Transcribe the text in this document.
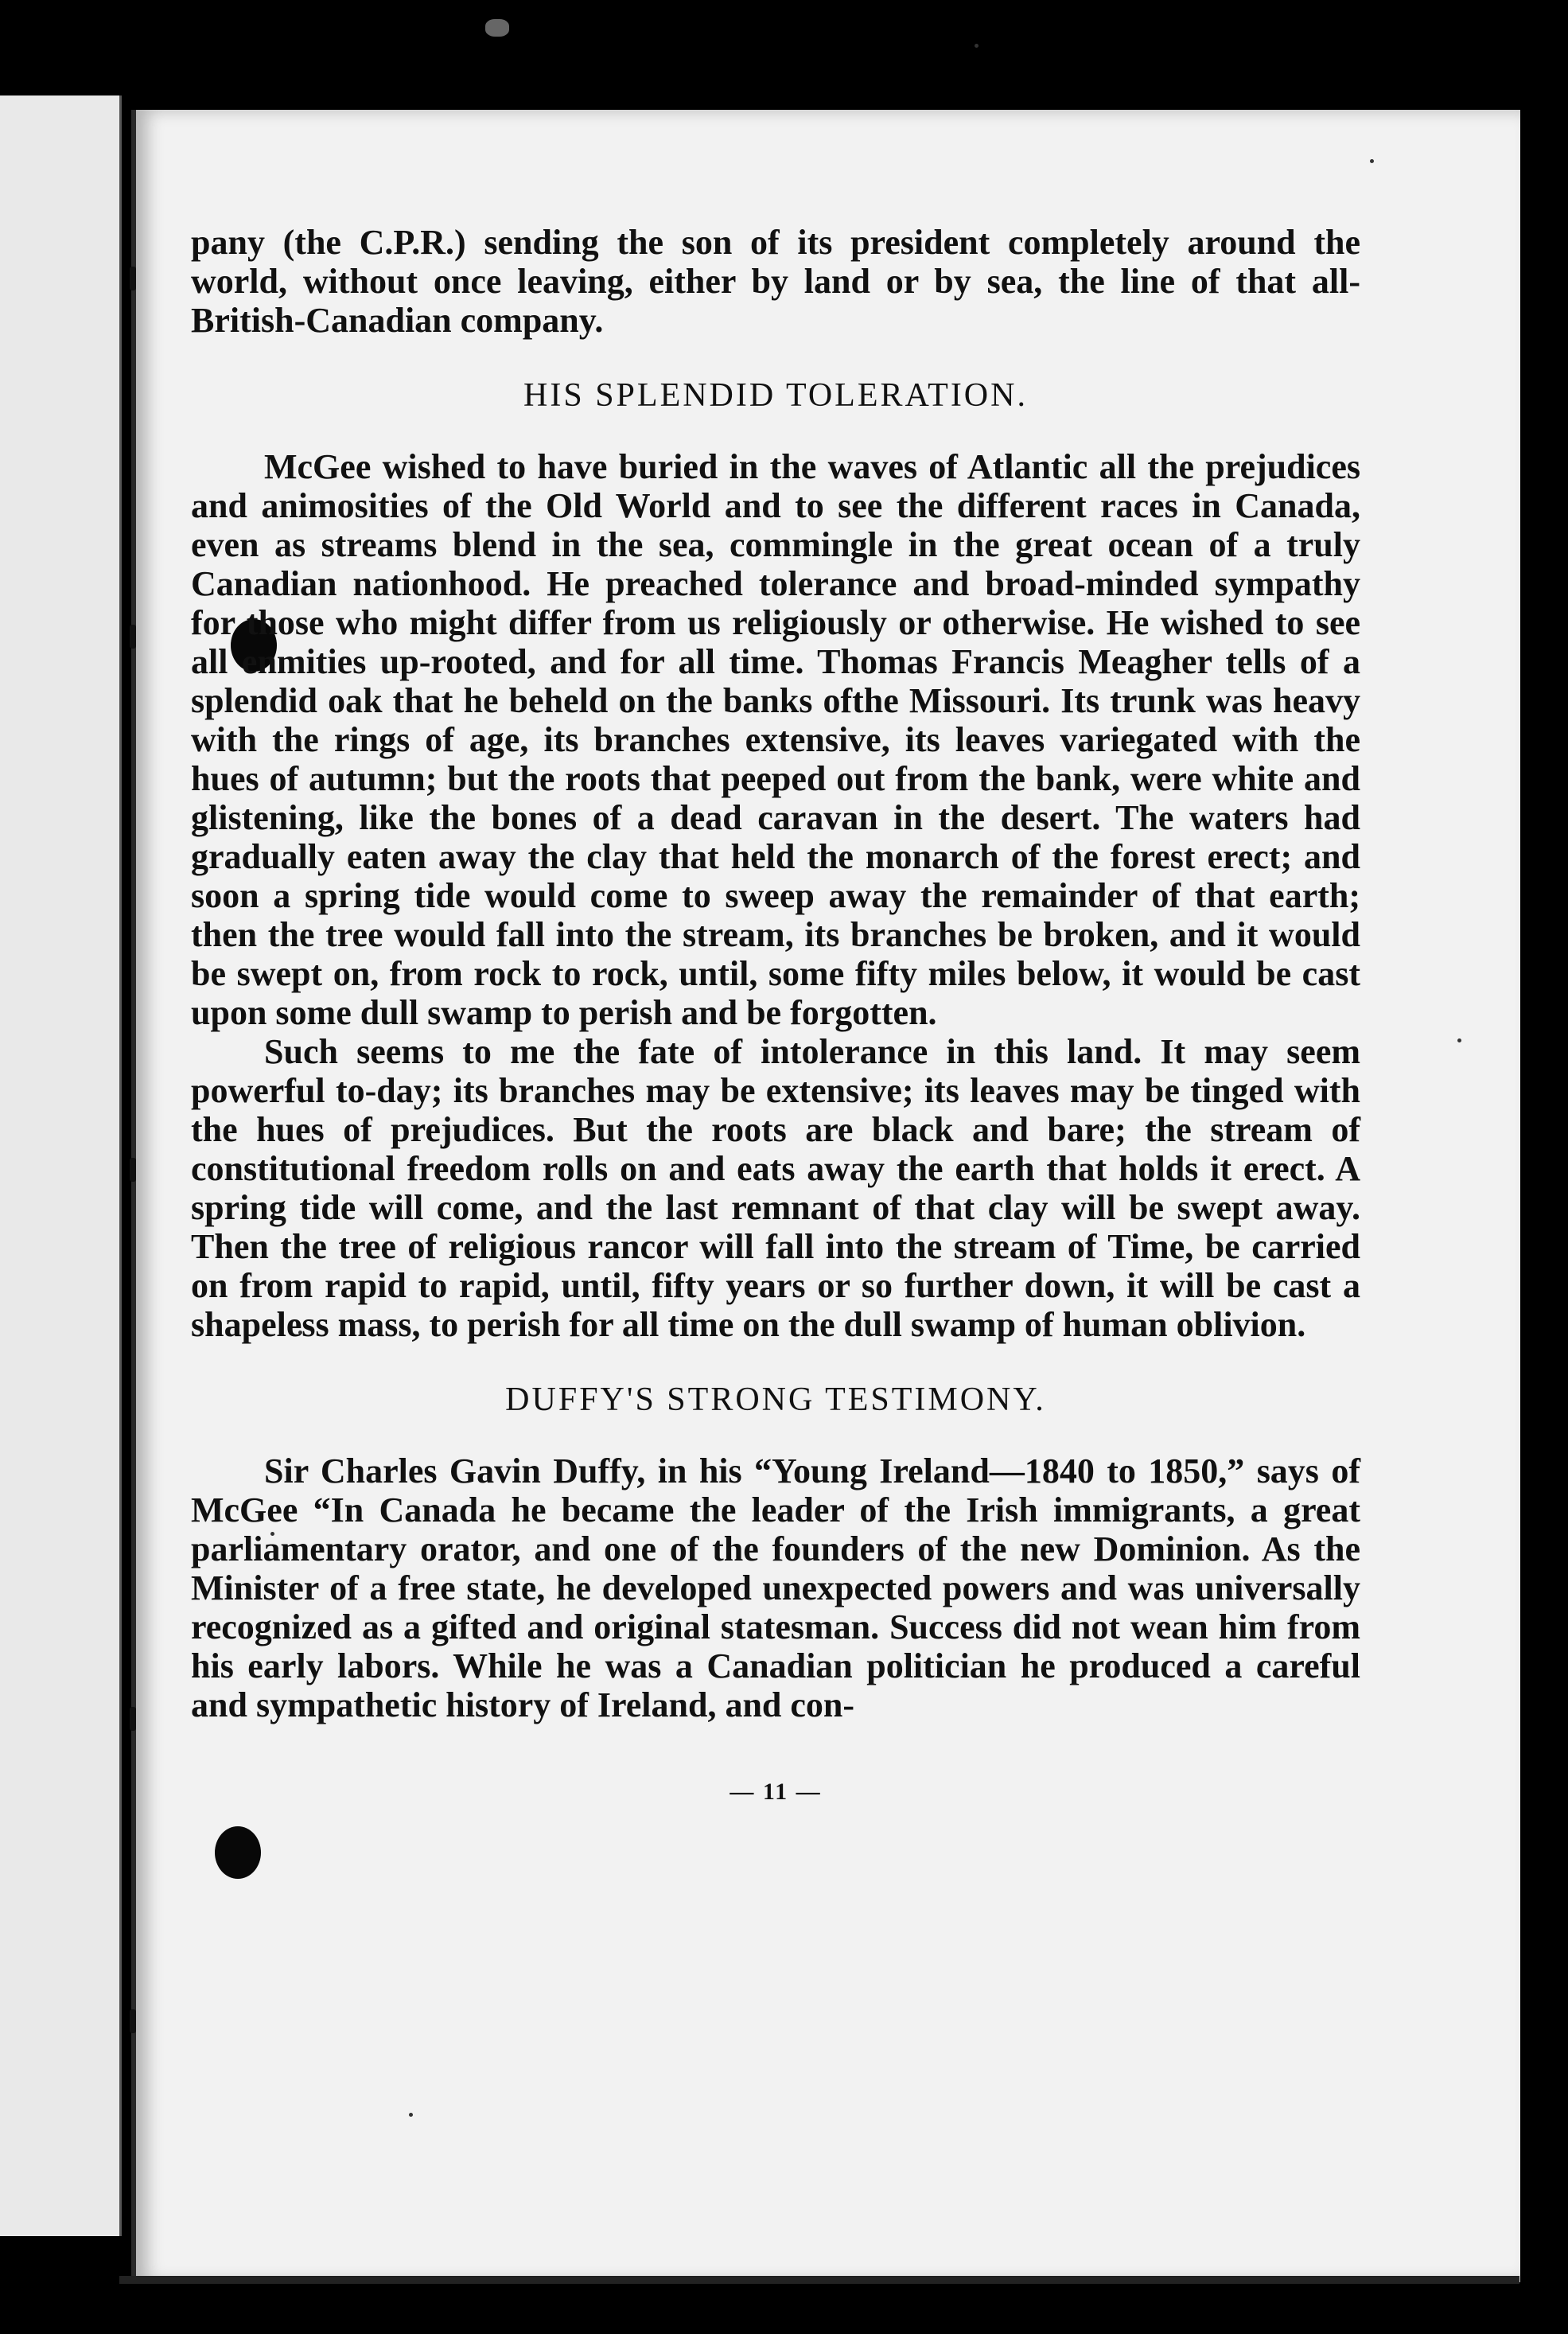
pany (the C.P.R.) sending the son of its president completely around the world, without once leaving, either by land or by sea, the line of that all-British-Canadian company.

HIS SPLENDID TOLERATION.

McGee wished to have buried in the waves of Atlantic all the prejudices and animosities of the Old World and to see the different races in Canada, even as streams blend in the sea, commingle in the great ocean of a truly Canadian nationhood. He preached tolerance and broad-minded sympathy for those who might differ from us religiously or otherwise. He wished to see all enmities up-rooted, and for all time. Thomas Francis Meagher tells of a splendid oak that he beheld on the banks ofthe Missouri. Its trunk was heavy with the rings of age, its branches extensive, its leaves variegated with the hues of autumn; but the roots that peeped out from the bank, were white and glistening, like the bones of a dead caravan in the desert. The waters had gradually eaten away the clay that held the monarch of the forest erect; and soon a spring tide would come to sweep away the remainder of that earth; then the tree would fall into the stream, its branches be broken, and it would be swept on, from rock to rock, until, some fifty miles below, it would be cast upon some dull swamp to perish and be forgotten.

Such seems to me the fate of intolerance in this land. It may seem powerful to-day; its branches may be extensive; its leaves may be tinged with the hues of prejudices. But the roots are black and bare; the stream of constitutional freedom rolls on and eats away the earth that holds it erect. A spring tide will come, and the last remnant of that clay will be swept away. Then the tree of religious rancor will fall into the stream of Time, be carried on from rapid to rapid, until, fifty years or so further down, it will be cast a shapeless mass, to perish for all time on the dull swamp of human oblivion.

DUFFY'S STRONG TESTIMONY.

Sir Charles Gavin Duffy, in his “Young Ireland—1840 to 1850,” says of McGee “In Canada he became the leader of the Irish immigrants, a great parliamentary orator, and one of the founders of the new Dominion. As the Minister of a free state, he developed unexpected powers and was universally recognized as a gifted and original statesman. Success did not wean him from his early labors. While he was a Canadian politician he produced a careful and sympathetic history of Ireland, and con-

— 11 —
